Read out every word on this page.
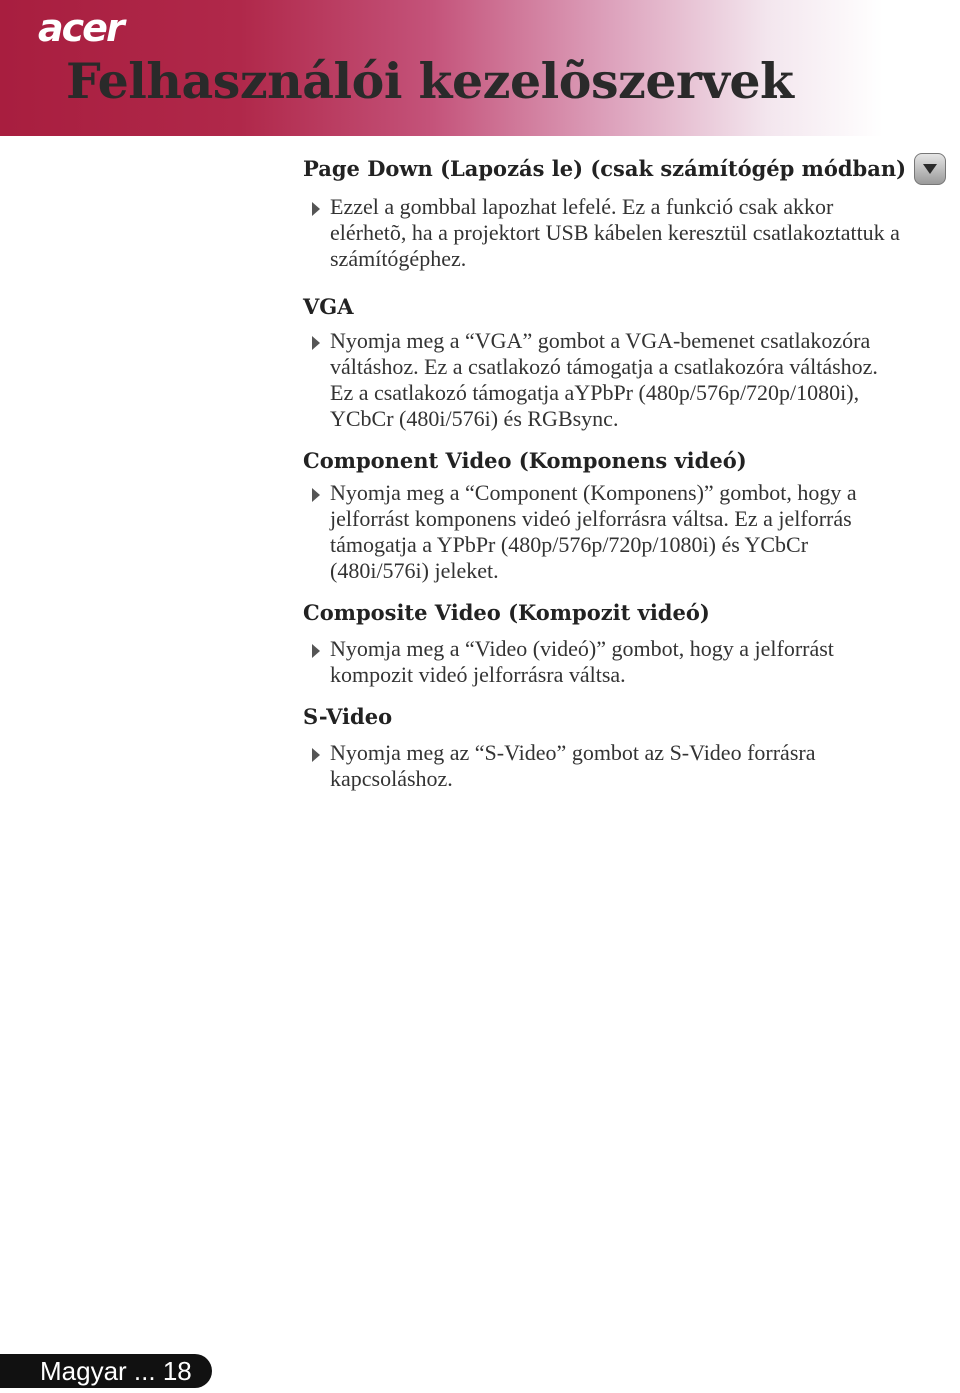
acer
Felhasználói kezelõszervek
Page Down (Lapozás le) (csak számítógép módban)
Ezzel a gombbal lapozhat lefelé. Ez a funkció csak akkor
elérhetõ, ha a projektort USB kábelen keresztül csatlakoztattuk a
számítógéphez.
VGA
Nyomja meg a “VGA” gombot a VGA-bemenet csatlakozóra
váltáshoz. Ez a csatlakozó támogatja a csatlakozóra váltáshoz.
Ez a csatlakozó támogatja aYPbPr (480p/576p/720p/1080i),
YCbCr (480i/576i) és RGBsync.
Component Video (Komponens videó)
Nyomja meg a “Component (Komponens)” gombot, hogy a
jelforrást komponens videó jelforrásra váltsa. Ez a jelforrás
támogatja a YPbPr (480p/576p/720p/1080i) és YCbCr
(480i/576i) jeleket.
Composite Video (Kompozit videó)
Nyomja meg a “Video (videó)” gombot, hogy a jelforrást
kompozit videó jelforrásra váltsa.
S-Video
Nyomja meg az “S-Video” gombot az S-Video forrásra
kapcsoláshoz.
Magyar ... 18
